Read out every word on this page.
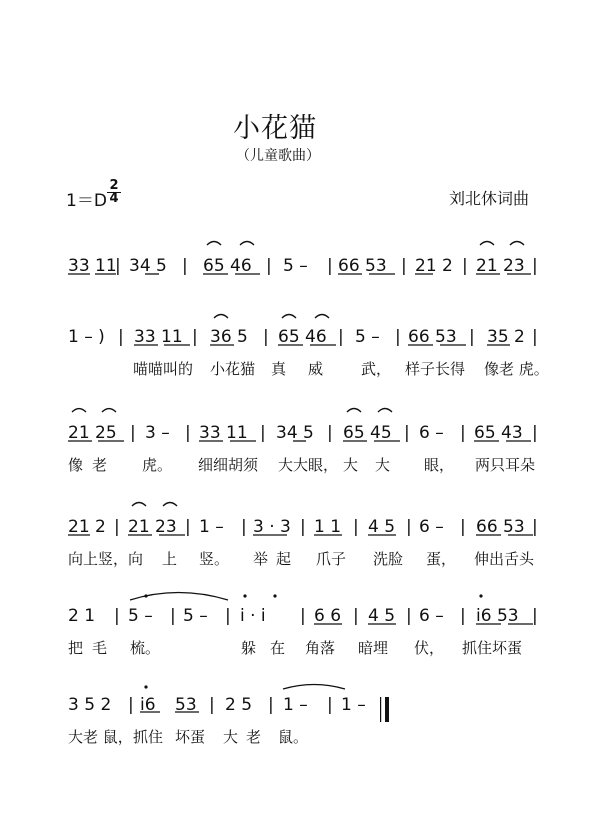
小花猫
（儿童歌曲）
1＝D
2
4	刘北休词曲
33 11
| 34 5 | 65 46 | 5 – | 66 53 | 21 2 | 21 23 |
1 – ) | 33 11 | 36 5 | 65 46 | 5 – | 66 53 | 35 2 |
喵喵叫的 小花猫 真 威	武， 样子长得 像老 虎。
21 25 | 3 – | 33 11 | 34 5 | 65 45 | 6 – | 65 43 |
像 老 虎。 细细胡须 大大眼， 大 大 眼， 两只耳朵
21 2 | 21 23 | 1 – | 3 · 3 | 1 1 | 4 5 | 6 – | 66 53 |
向上竖， 向 上 竖。 举 起 爪子 洗脸 蛋， 伸出舌头
2 1 | 5 – | 5 – | i · i | 6 6 | 4 5 | 6 – | i6 53 |
把 毛 梳。	躲 在 角落 暗埋 伏， 抓住坏蛋
3 5 2 | i6 53 | 2 5 | 1 – | 1 –
大老 鼠， 抓住 坏蛋 大 老 鼠。
